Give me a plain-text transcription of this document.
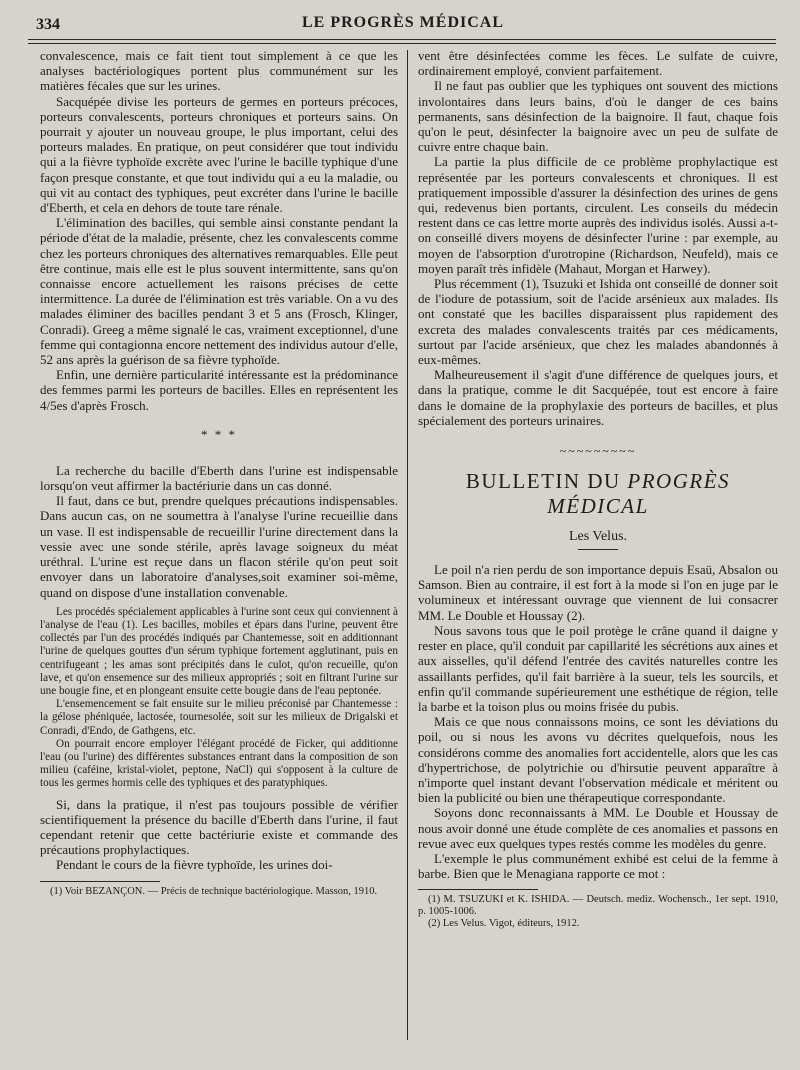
334	LE PROGRÈS MÉDICAL

convalescence, mais ce fait tient tout simplement à ce que les analyses bactériologiques portent plus communément sur les matières fécales que sur les urines.

Sacquépée divise les porteurs de germes en porteurs précoces, porteurs convalescents, porteurs chroniques et porteurs sains. On pourrait y ajouter un nouveau groupe, le plus important, celui des porteurs malades. En pratique, on peut considérer que tout individu qui a la fièvre typhoïde excrète avec l'urine le bacille typhique d'une façon presque constante, et que tout individu qui a eu la maladie, ou qui vit au contact des typhiques, peut excréter dans l'urine le bacille d'Eberth, et cela en dehors de toute tare rénale.

L'élimination des bacilles, qui semble ainsi constante pendant la période d'état de la maladie, présente, chez les convalescents comme chez les porteurs chroniques des alternatives remarquables. Elle peut être continue, mais elle est le plus souvent intermittente, sans qu'on connaisse encore actuellement les raisons précises de cette intermittence. La durée de l'élimination est très variable. On a vu des malades éliminer des bacilles pendant 3 et 5 ans (Frosch, Klinger, Conradi). Greeg a même signalé le cas, vraiment exceptionnel, d'une femme qui contagionna encore nettement des individus autour d'elle, 52 ans après la guérison de sa fièvre typhoïde.

Enfin, une dernière particularité intéressante est la prédominance des femmes parmi les porteurs de bacilles. Elles en représentent les 4/5es d'après Frosch.

* * *

La recherche du bacille d'Eberth dans l'urine est indispensable lorsqu'on veut affirmer la bactériurie dans un cas donné.

Il faut, dans ce but, prendre quelques précautions indispensables. Dans aucun cas, on ne soumettra à l'analyse l'urine recueillie dans un vase. Il est indispensable de recueillir l'urine directement dans la vessie avec une sonde stérile, après lavage soigneux du méat uréthral. L'urine est reçue dans un flacon stérile qu'on peut soit envoyer dans un laboratoire d'analyses,soit examiner soi-même, quand on dispose d'une installation convenable.

Les procédés spécialement applicables à l'urine sont ceux qui conviennent à l'analyse de l'eau (1). Les bacilles, mobiles et épars dans l'urine, peuvent être collectés par l'un des procédés indiqués par Chantemesse, soit en additionnant l'urine de quelques gouttes d'un sérum typhique fortement agglutinant, puis en centrifugeant ; les amas sont précipités dans le culot, qu'on recueille, qu'on lave, et qu'on ensemence sur des milieux appropriés ; soit en filtrant l'urine sur une bougie fine, et en plongeant ensuite cette bougie dans de l'eau peptonée.

L'ensemencement se fait ensuite sur le milieu préconisé par Chantemesse : la gélose phéniquée, lactosée, tournesolée, soit sur les milieux de Drigalski et Conradi, d'Endo, de Gathgens, etc.

On pourrait encore employer l'élégant procédé de Ficker, qui additionne l'eau (ou l'urine) des différentes substances entrant dans la composition de son milieu (caféine, kristal-violet, peptone, NaCl) qui s'opposent à la culture de tous les germes hormis celle des typhiques et des paratyphiques.

Si, dans la pratique, il n'est pas toujours possible de vérifier scientifiquement la présence du bacille d'Eberth dans l'urine, il faut cependant retenir que cette bactériurie existe et commande des précautions prophylactiques.

Pendant le cours de la fièvre typhoïde, les urines doi-

(1) Voir BEZANÇON. — Précis de technique bactériologique. Masson, 1910.

vent être désinfectées comme les fèces. Le sulfate de cuivre, ordinairement employé, convient parfaitement.

Il ne faut pas oublier que les typhiques ont souvent des mictions involontaires dans leurs bains, d'où le danger de ces bains permanents, sans désinfection de la baignoire. Il faut, chaque fois qu'on le peut, désinfecter la baignoire avec un peu de sulfate de cuivre entre chaque bain.

La partie la plus difficile de ce problème prophylactique est représentée par les porteurs convalescents et chroniques. Il est pratiquement impossible d'assurer la désinfection des urines de gens qui, redevenus bien portants, circulent. Les conseils du médecin restent dans ce cas lettre morte auprès des individus isolés. Aussi a-t-on conseillé divers moyens de désinfecter l'urine : par exemple, au moyen de l'absorption d'urotropine (Richardson, Neufeld), mais ce moyen paraît très infidèle (Mahaut, Morgan et Harwey).

Plus récemment (1), Tsuzuki et Ishida ont conseillé de donner soit de l'iodure de potassium, soit de l'acide arsénieux aux malades. Ils ont constaté que les bacilles disparaissent plus rapidement des excreta des malades convalescents traités par ces médicaments, surtout par l'acide arsénieux, que chez les malades abandonnés à eux-mêmes.

Malheureusement il s'agit d'une différence de quelques jours, et dans la pratique, comme le dit Sacquépée, tout est encore à faire dans le domaine de la prophylaxie des porteurs de bacilles, et plus spécialement des porteurs urinaires.

~~~~~~~~~
BULLETIN DU PROGRÈS MÉDICAL
Les Velus.

Le poil n'a rien perdu de son importance depuis Esaü, Absalon ou Samson. Bien au contraire, il est fort à la mode si l'on en juge par le volumineux et intéressant ouvrage que viennent de lui consacrer MM. Le Double et Houssay (2).

Nous savons tous que le poil protège le crâne quand il daigne y rester en place, qu'il conduit par capillarité les sécrétions aux aines et aux aisselles, qu'il défend l'entrée des cavités naturelles contre les assaillants perfides, qu'il fait barrière à la sueur, tels les sourcils, et enfin qu'il commande supérieurement une esthétique de région, telle la barbe et la toison plus ou moins frisée du pubis.

Mais ce que nous connaissons moins, ce sont les déviations du poil, ou si nous les avons vu décrites quelquefois, nous les considérons comme des anomalies fort accidentelle, alors que les cas d'hypertrichose, de polytrichie ou d'hirsutie peuvent apparaître à n'importe quel instant devant l'observation médicale et méritent ou bien la publicité ou bien une thérapeutique correspondante.

Soyons donc reconnaissants à MM. Le Double et Houssay de nous avoir donné une étude complète de ces anomalies et passons en revue avec eux quelques types restés comme les modèles du genre.

L'exemple le plus communément exhibé est celui de la femme à barbe. Bien que le Menagiana rapporte ce mot :

(1) M. TSUZUKI et K. ISHIDA. — Deutsch. mediz. Wochensch., 1er sept. 1910, p. 1005-1006.

(2) Les Velus. Vigot, éditeurs, 1912.
